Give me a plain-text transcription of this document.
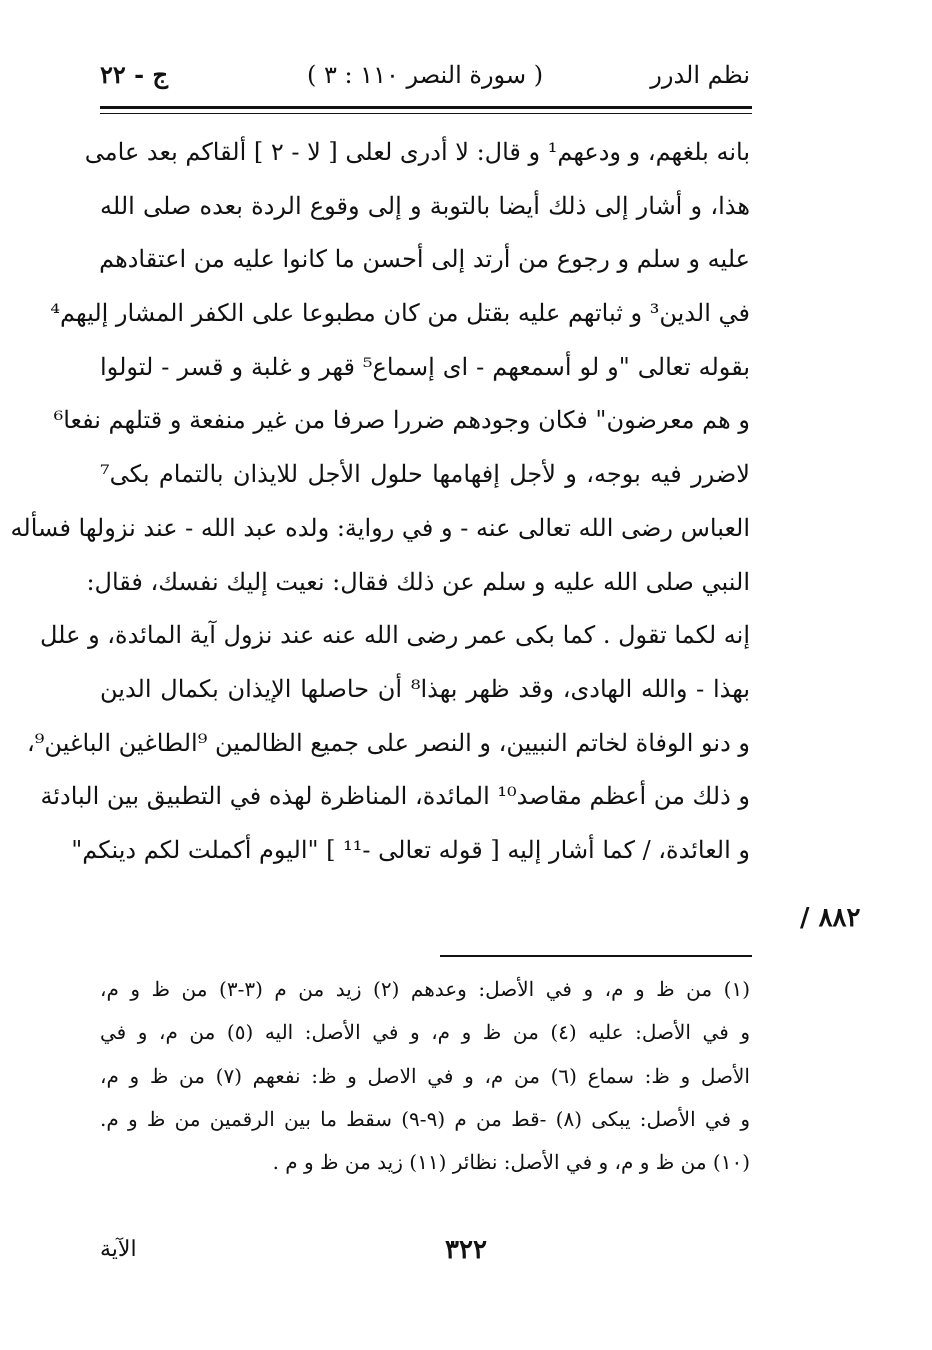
نظم الدرر
( سورة النصر ١١٠ : ٣ )
ج - ٢٢
بانه بلغهم، و ودعهم¹ و قال: لا أدرى لعلى [ لا - ٢ ] ألقاكم بعد عامى
هذا، و أشار إلى ذلك أيضا بالتوبة و إلى وقوع الردة بعده صلى الله
عليه و سلم و رجوع من أرتد إلى أحسن ما كانوا عليه من اعتقادهم
في الدين³ و ثباتهم عليه بقتل من كان مطبوعا على الكفر المشار إليهم⁴
بقوله تعالى "و لو أسمعهم - اى إسماع⁵ قهر و غلبة و قسر - لتولوا
و هم معرضون" فكان وجودهم ضررا صرفا من غير منفعة و قتلهم نفعا⁶
لاضرر فيه بوجه، و لأجل إفهامها حلول الأجل للايذان بالتمام بكى⁷
العباس رضى الله تعالى عنه - و في رواية: ولده عبد الله - عند نزولها فسأله
النبي صلى الله عليه و سلم عن ذلك فقال: نعيت إليك نفسك، فقال:
إنه لكما تقول . كما بكى عمر رضى الله عنه عند نزول آية المائدة، و علل
بهذا - والله الهادى، وقد ظهر بهذا⁸ أن حاصلها الإيذان بكمال الدين
و دنو الوفاة لخاتم النبيين، و النصر على جميع الظالمين ⁹الطاغين الباغين⁹،
و ذلك من أعظم مقاصد¹⁰ المائدة، المناظرة لهذه في التطبيق بين البادئة
و العائدة، / كما أشار إليه [ قوله تعالى -¹¹ ] "اليوم أكملت لكم دينكم"
٨٨٢ /
(١) من ظ و م، و في الأصل: وعدهم (٢) زيد من م (٣-٣) من ظ و م،
و في الأصل: عليه (٤) من ظ و م، و في الأصل: اليه (٥) من م، و في
الأصل و ظ: سماع (٦) من م، و في الاصل و ظ: نفعهم (٧) من ظ و م،
و في الأصل: يبكى (٨) -قط من م (٩-٩) سقط ما بين الرقمين من ظ و م.
(١٠) من ظ و م، و في الأصل: نظائر (١١) زيد من ظ و م .
٣٢٢
الآية
